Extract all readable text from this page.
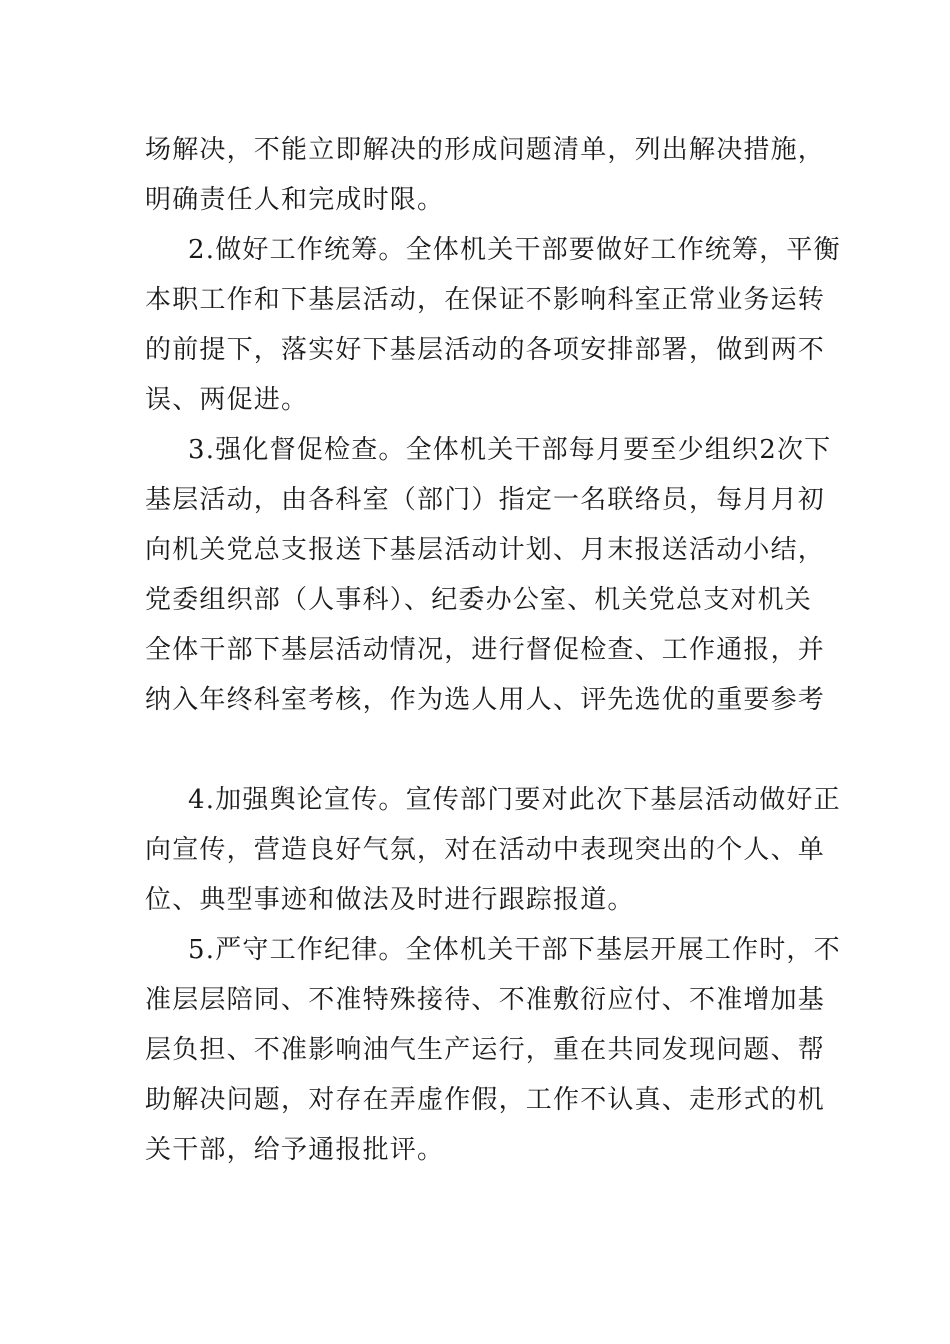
场解决，不能立即解决的形成问题清单，列出解决措施，
明确责任人和完成时限。
2.做好工作统筹。全体机关干部要做好工作统筹，平衡
本职工作和下基层活动，在保证不影响科室正常业务运转
的前提下，落实好下基层活动的各项安排部署，做到两不
误、两促进。
3.强化督促检查。全体机关干部每月要至少组织2次下
基层活动，由各科室（部门）指定一名联络员，每月月初
向机关党总支报送下基层活动计划、月末报送活动小结，
党委组织部（人事科）、纪委办公室、机关党总支对机关
全体干部下基层活动情况，进行督促检查、工作通报，并
纳入年终科室考核，作为选人用人、评先选优的重要参考
4.加强舆论宣传。宣传部门要对此次下基层活动做好正
向宣传，营造良好气氛，对在活动中表现突出的个人、单
位、典型事迹和做法及时进行跟踪报道。
5.严守工作纪律。全体机关干部下基层开展工作时，不
准层层陪同、不准特殊接待、不准敷衍应付、不准增加基
层负担、不准影响油气生产运行，重在共同发现问题、帮
助解决问题，对存在弄虚作假，工作不认真、走形式的机
关干部，给予通报批评。
